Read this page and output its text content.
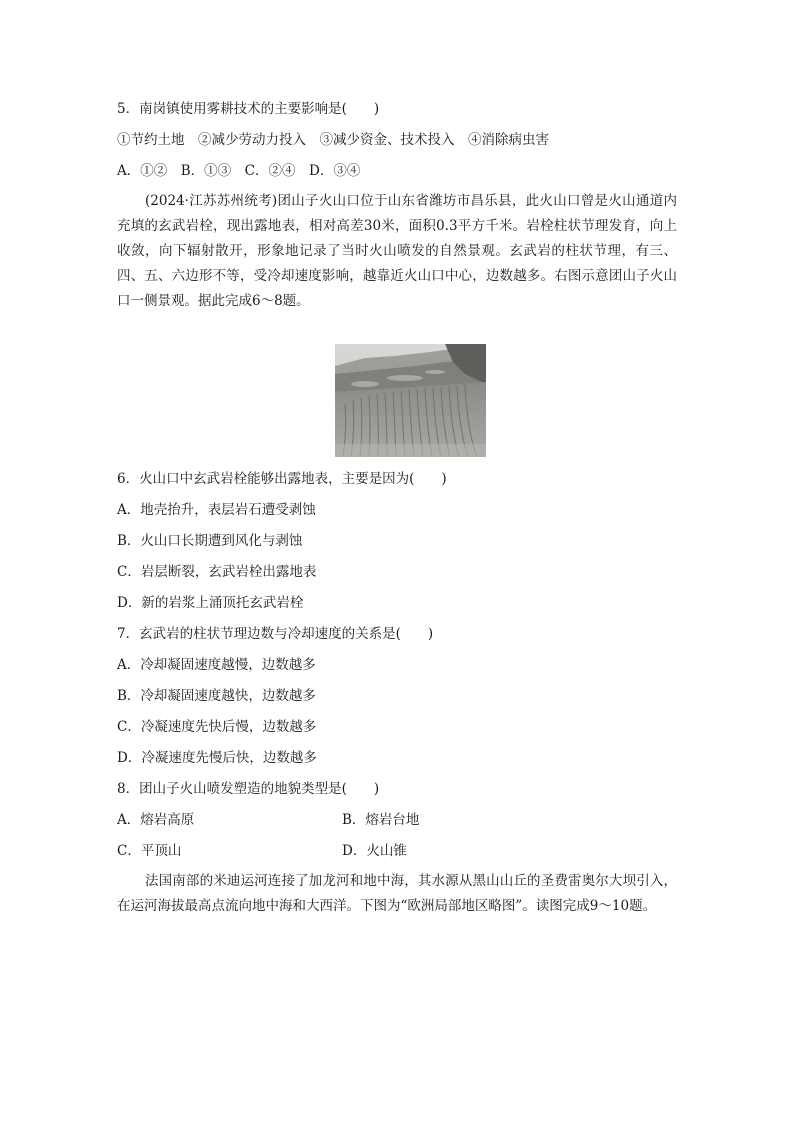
5．南岗镇使用雾耕技术的主要影响是(　　)
①节约土地　②减少劳动力投入　③减少资金、技术投入　④消除病虫害
A．①②　B．①③　C．②④　D．③④
(2024·江苏苏州统考)团山子火山口位于山东省潍坊市昌乐县，此火山口曾是火山通道内充填的玄武岩栓，现出露地表，相对高差30米，面积0.3平方千米。岩栓柱状节理发育，向上收敛，向下辐射散开，形象地记录了当时火山喷发的自然景观。玄武岩的柱状节理，有三、四、五、六边形不等，受冷却速度影响，越靠近火山口中心，边数越多。右图示意团山子火山口一侧景观。据此完成6～8题。
6．火山口中玄武岩栓能够出露地表，主要是因为(　　)
A．地壳抬升，表层岩石遭受剥蚀
B．火山口长期遭到风化与剥蚀
C．岩层断裂，玄武岩栓出露地表
D．新的岩浆上涌顶托玄武岩栓
7．玄武岩的柱状节理边数与冷却速度的关系是(　　)
A．冷却凝固速度越慢，边数越多
B．冷却凝固速度越快，边数越多
C．冷凝速度先快后慢，边数越多
D．冷凝速度先慢后快，边数越多
8．团山子火山喷发塑造的地貌类型是(　　)
A．熔岩高原	B．熔岩台地
C．平顶山	D．火山锥
法国南部的米迪运河连接了加龙河和地中海，其水源从黑山山丘的圣费雷奥尔大坝引入，在运河海拔最高点流向地中海和大西洋。下图为“欧洲局部地区略图”。读图完成9～10题。
